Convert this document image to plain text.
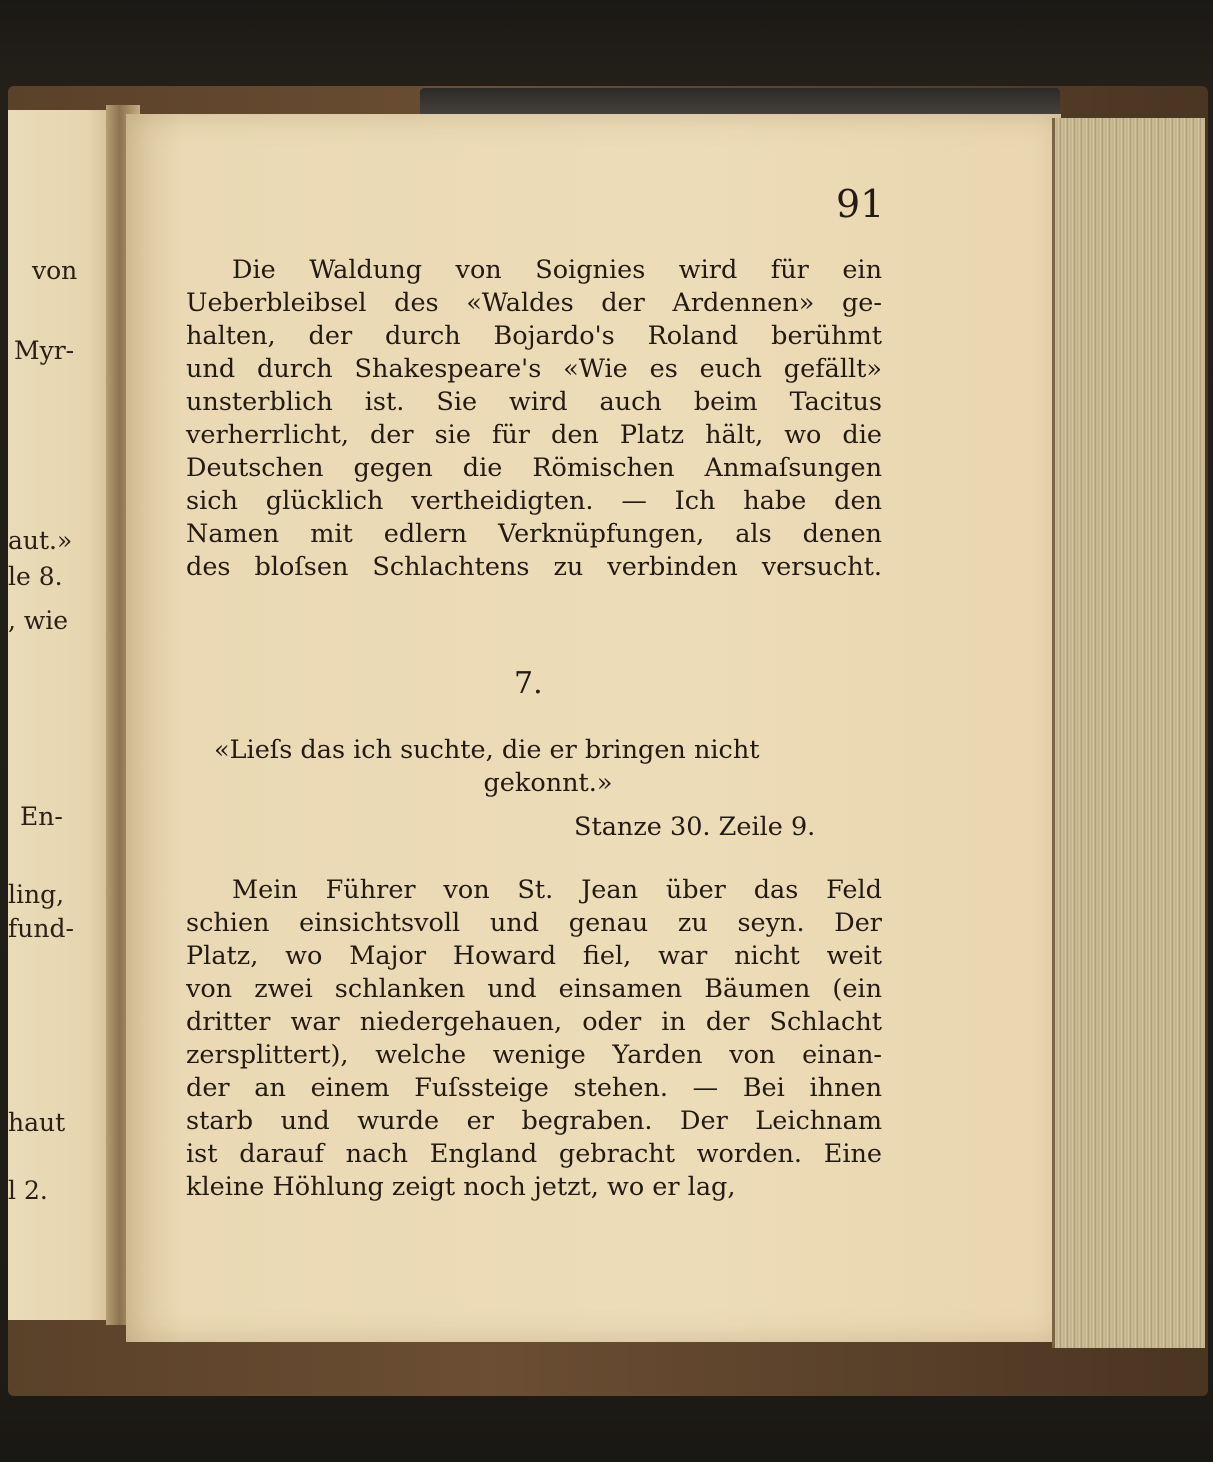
von
Myr-
aut.»
le 8.
, wie
En-
ling,
fund-
haut
l 2.
91
Die Waldung von Soignies wird für ein
Ueberbleibsel des «Waldes der Ardennen» ge-
halten, der durch Bojardo's Roland berühmt
und durch Shakespeare's «Wie es euch gefällt»
unsterblich ist. Sie wird auch beim Tacitus
verherrlicht, der sie für den Platz hält, wo die
Deutschen gegen die Römischen Anmaſsungen
sich glücklich vertheidigten. — Ich habe den
Namen mit edlern Verknüpfungen, als denen
des bloſsen Schlachtens zu verbinden versucht.
7.
«Lieſs das ich suchte, die er bringen nicht
gekonnt.»
Stanze 30. Zeile 9.
Mein Führer von St. Jean über das Feld
schien einsichtsvoll und genau zu seyn. Der
Platz, wo Major Howard fiel, war nicht weit
von zwei schlanken und einsamen Bäumen (ein
dritter war niedergehauen, oder in der Schlacht
zersplittert), welche wenige Yarden von einan-
der an einem Fuſssteige stehen. — Bei ihnen
starb und wurde er begraben. Der Leichnam
ist darauf nach England gebracht worden. Eine
kleine Höhlung zeigt noch jetzt, wo er lag,
